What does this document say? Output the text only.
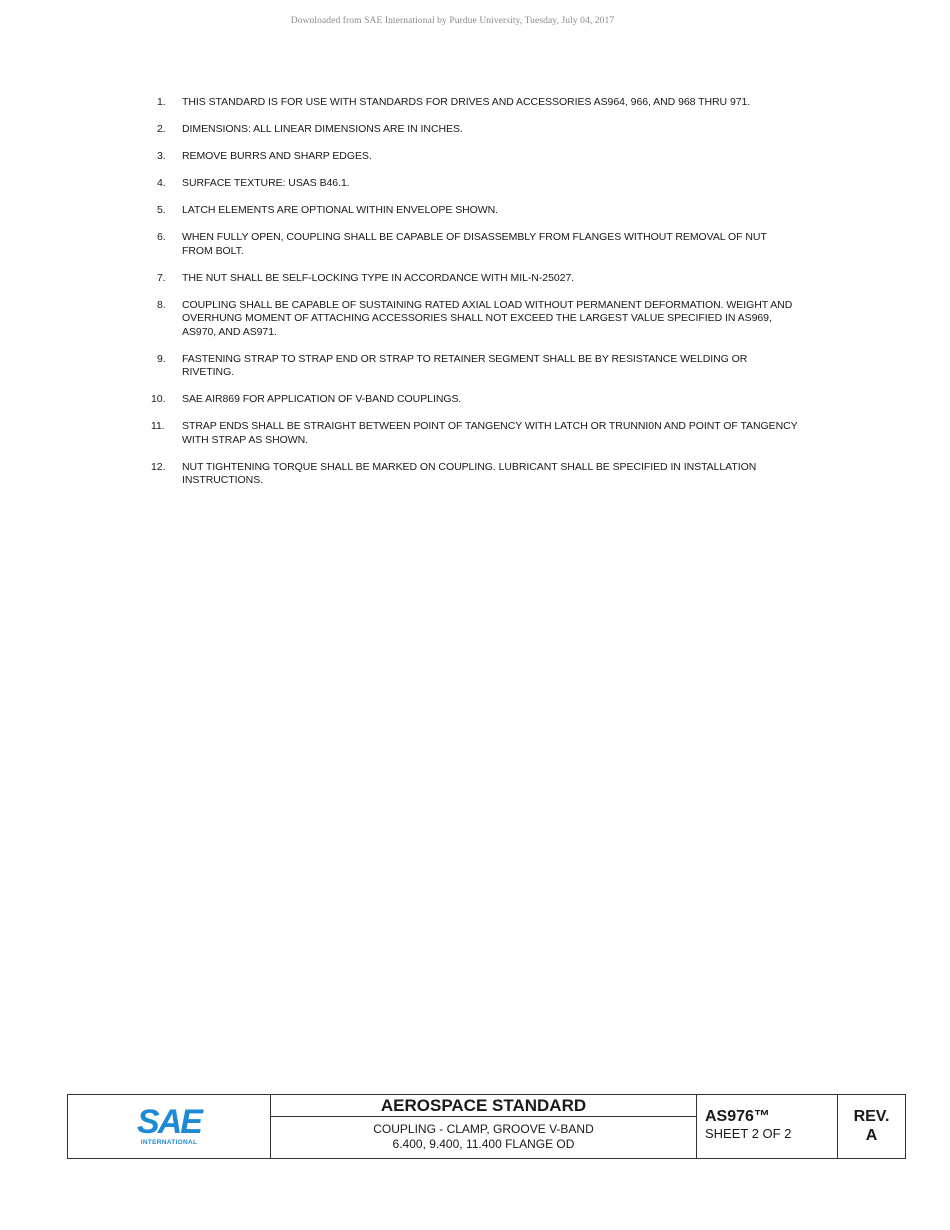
Downloaded from SAE International by Purdue University, Tuesday, July 04, 2017
1.	THIS STANDARD IS FOR USE WITH STANDARDS FOR DRIVES AND ACCESSORIES AS964, 966, AND 968 THRU 971.
2.	DIMENSIONS: ALL LINEAR DIMENSIONS ARE IN INCHES.
3.	REMOVE BURRS AND SHARP EDGES.
4.	SURFACE TEXTURE: USAS B46.1.
5.	LATCH ELEMENTS ARE OPTIONAL WITHIN ENVELOPE SHOWN.
6.	WHEN FULLY OPEN, COUPLING SHALL BE CAPABLE OF DISASSEMBLY FROM FLANGES WITHOUT REMOVAL OF NUT FROM BOLT.
7.	THE NUT SHALL BE SELF-LOCKING TYPE IN ACCORDANCE WITH MIL-N-25027.
8.	COUPLING SHALL BE CAPABLE OF SUSTAINING RATED AXIAL LOAD WITHOUT PERMANENT DEFORMATION. WEIGHT AND OVERHUNG MOMENT OF ATTACHING ACCESSORIES SHALL NOT EXCEED THE LARGEST VALUE SPECIFIED IN AS969, AS970, AND AS971.
9.	FASTENING STRAP TO STRAP END OR STRAP TO RETAINER SEGMENT SHALL BE BY RESISTANCE WELDING OR RIVETING.
10.	SAE AIR869 FOR APPLICATION OF V-BAND COUPLINGS.
11.	STRAP ENDS SHALL BE STRAIGHT BETWEEN POINT OF TANGENCY WITH LATCH OR TRUNNI0N AND POINT OF TANGENCY WITH STRAP AS SHOWN.
12.	NUT TIGHTENING TORQUE SHALL BE MARKED ON COUPLING. LUBRICANT SHALL BE SPECIFIED IN INSTALLATION INSTRUCTIONS.
SAE
INTERNATIONAL
AEROSPACE STANDARD
COUPLING - CLAMP, GROOVE V-BAND
6.400, 9.400, 11.400 FLANGE OD
AS976™
SHEET 2 OF 2
REV.
A
